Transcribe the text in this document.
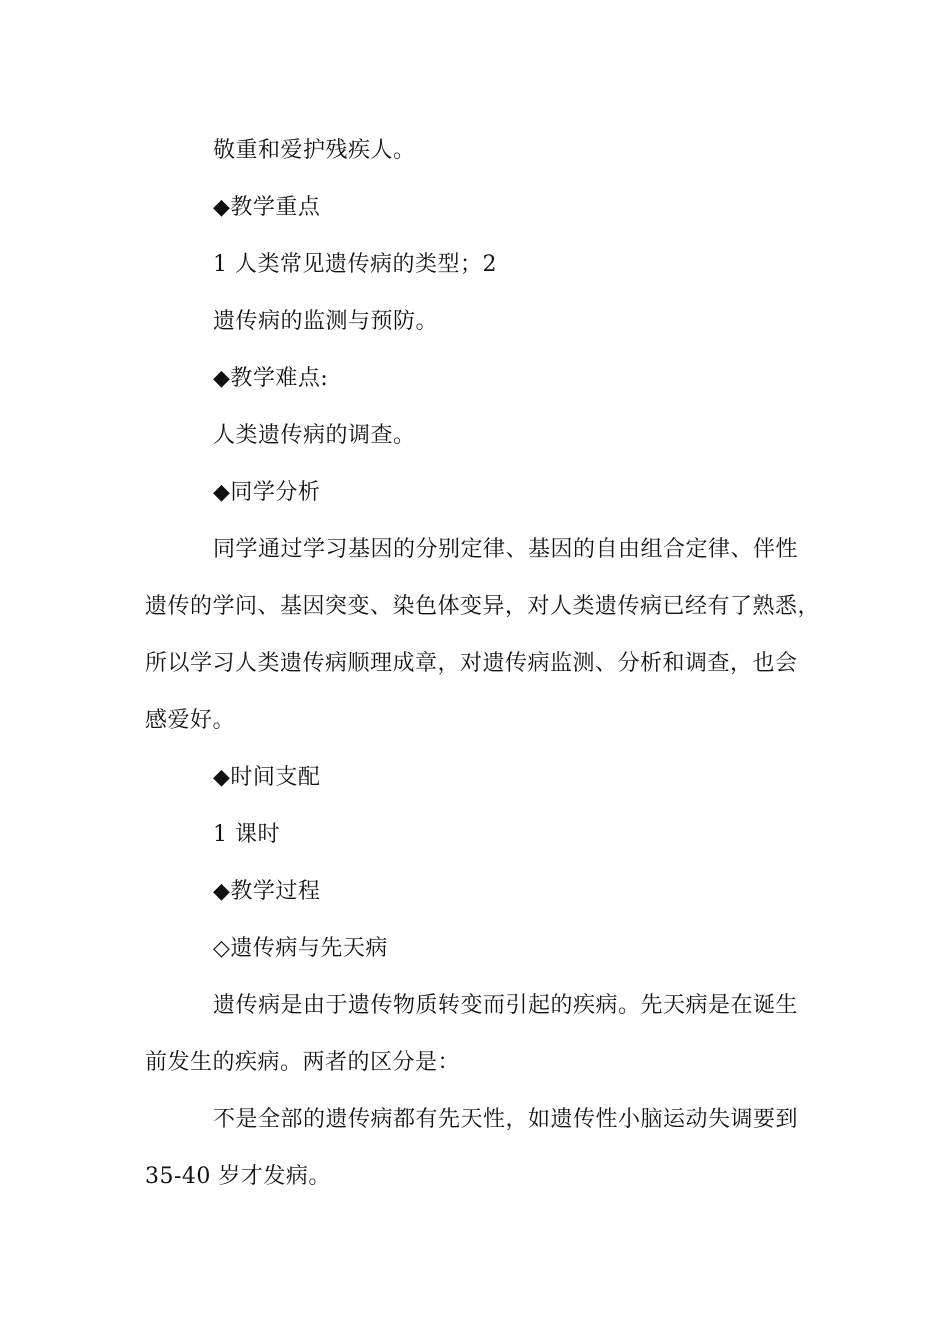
敬重和爱护残疾人。
◆教学重点
1 人类常见遗传病的类型；2
遗传病的监测与预防。
◆教学难点:
人类遗传病的调查。
◆同学分析
同学通过学习基因的分别定律、基因的自由组合定律、伴性
遗传的学问、基因突变、染色体变异，对人类遗传病已经有了熟悉，
所以学习人类遗传病顺理成章，对遗传病监测、分析和调查，也会
感爱好。
◆时间支配
1 课时
◆教学过程
◇遗传病与先天病
遗传病是由于遗传物质转变而引起的疾病。先天病是在诞生
前发生的疾病。两者的区分是：
不是全部的遗传病都有先天性，如遗传性小脑运动失调要到
35-40 岁才发病。
